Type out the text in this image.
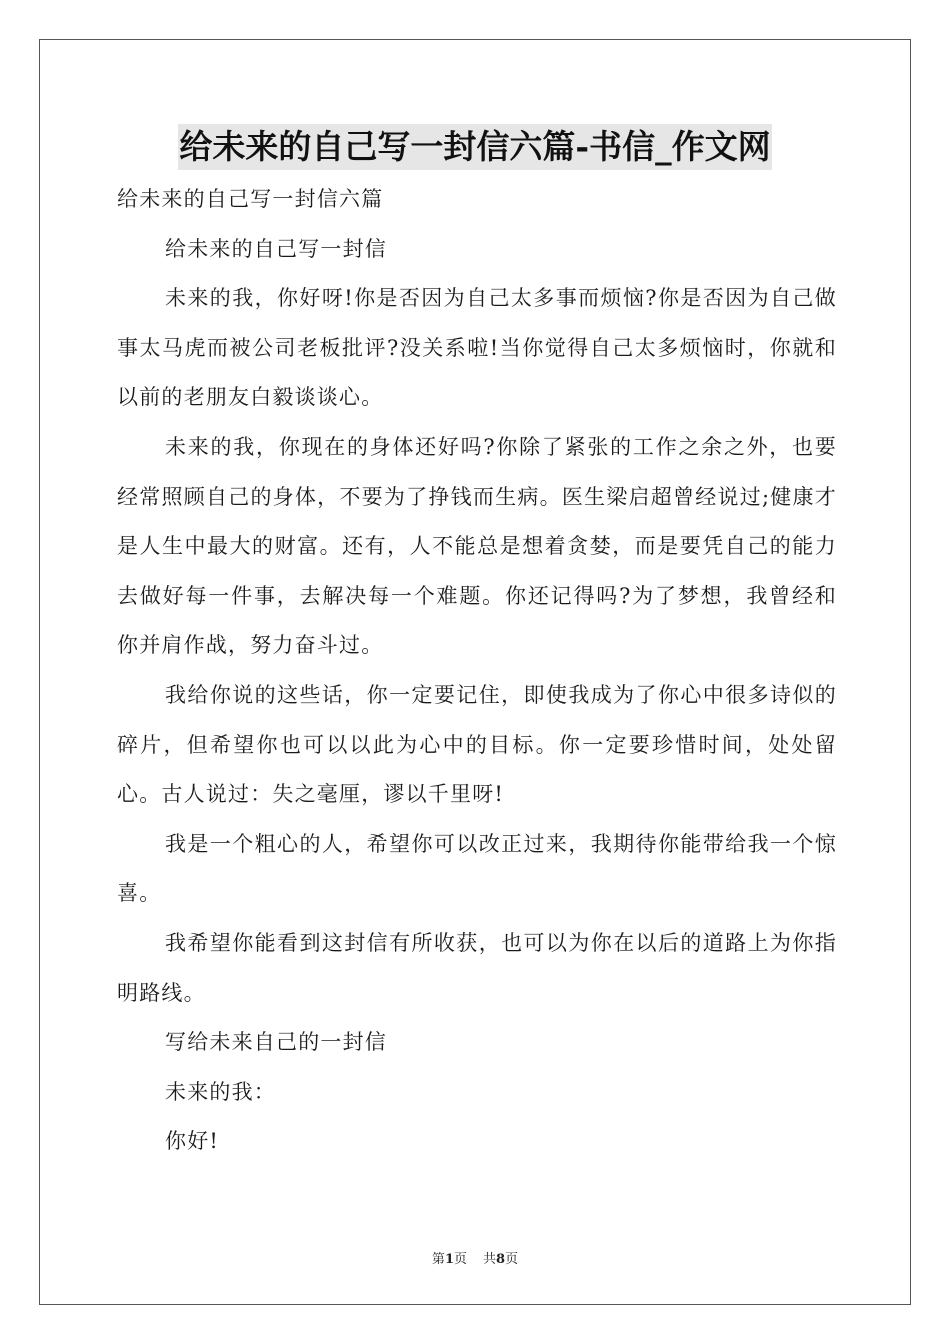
给未来的自己写一封信六篇-书信_作文网

给未来的自己写一封信六篇

给未来的自己写一封信

未来的我，你好呀!你是否因为自己太多事而烦恼?你是否因为自己做事太马虎而被公司老板批评?没关系啦!当你觉得自己太多烦恼时，你就和以前的老朋友白毅谈谈心。

未来的我，你现在的身体还好吗?你除了紧张的工作之余之外，也要经常照顾自己的身体，不要为了挣钱而生病。医生梁启超曾经说过;健康才是人生中最大的财富。还有，人不能总是想着贪婪，而是要凭自己的能力去做好每一件事，去解决每一个难题。你还记得吗?为了梦想，我曾经和你并肩作战，努力奋斗过。

我给你说的这些话，你一定要记住，即使我成为了你心中很多诗似的碎片，但希望你也可以以此为心中的目标。你一定要珍惜时间，处处留心。古人说过：失之毫厘，谬以千里呀!

我是一个粗心的人，希望你可以改正过来，我期待你能带给我一个惊喜。

我希望你能看到这封信有所收获，也可以为你在以后的道路上为你指明路线。

写给未来自己的一封信

未来的我：

你好!

第1页 共8页
